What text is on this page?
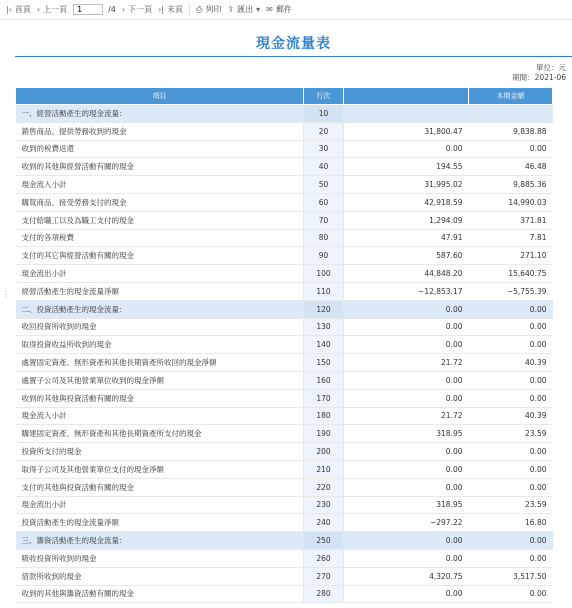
|‹ 首頁 ‹ 上一頁
1	/4 › 下一頁 ›| 末頁 ⎙ 列印 ⇪ 匯出 ▾ ✉ 郵件
⋮
現金流量表
單位：元
期間：2021-06
項目	行次		本期金額
一、經營活動產生的現金流量：	10		
銷售商品、提供勞務收到的現金	20	31,800.47	9,838.88
收到的稅費返還	30	0.00	0.00
收到的其他與經營活動有關的現金	40	194.55	46.48
現金流入小計	50	31,995.02	9,885.36
購買商品、接受勞務支付的現金	60	42,918.59	14,990.03
支付給職工以及為職工支付的現金	70	1,294.09	371.81
支付的各項稅費	80	47.91	7.81
支付的其它與經營活動有關的現金	90	587.60	271.10
現金流出小計	100	44,848.20	15,640.75
經營活動產生的現金流量淨額	110	−12,853.17	−5,755.39
二、投資活動產生的現金流量：	120	0.00	0.00
收回投資所收到的現金	130	0.00	0.00
取得投資收益所收到的現金	140	0.00	0.00
處置固定資產、無形資產和其他長期資產所收回的現金淨額	150	21.72	40.39
處置子公司及其他營業單位收到的現金淨額	160	0.00	0.00
收到的其他與投資活動有關的現金	170	0.00	0.00
現金流入小計	180	21.72	40.39
購建固定資產、無形資產和其他長期資產所支付的現金	190	318.95	23.59
投資所支付的現金	200	0.00	0.00
取得子公司及其他營業單位支付的現金淨額	210	0.00	0.00
支付的其他與投資活動有關的現金	220	0.00	0.00
現金流出小計	230	318.95	23.59
投資活動產生的現金流量淨額	240	−297.22	16.80
三、籌資活動產生的現金流量：	250	0.00	0.00
吸收投資所收到的現金	260	0.00	0.00
借款所收到的現金	270	4,320.75	3,517.50
收到的其他與籌資活動有關的現金	280	0.00	0.00
